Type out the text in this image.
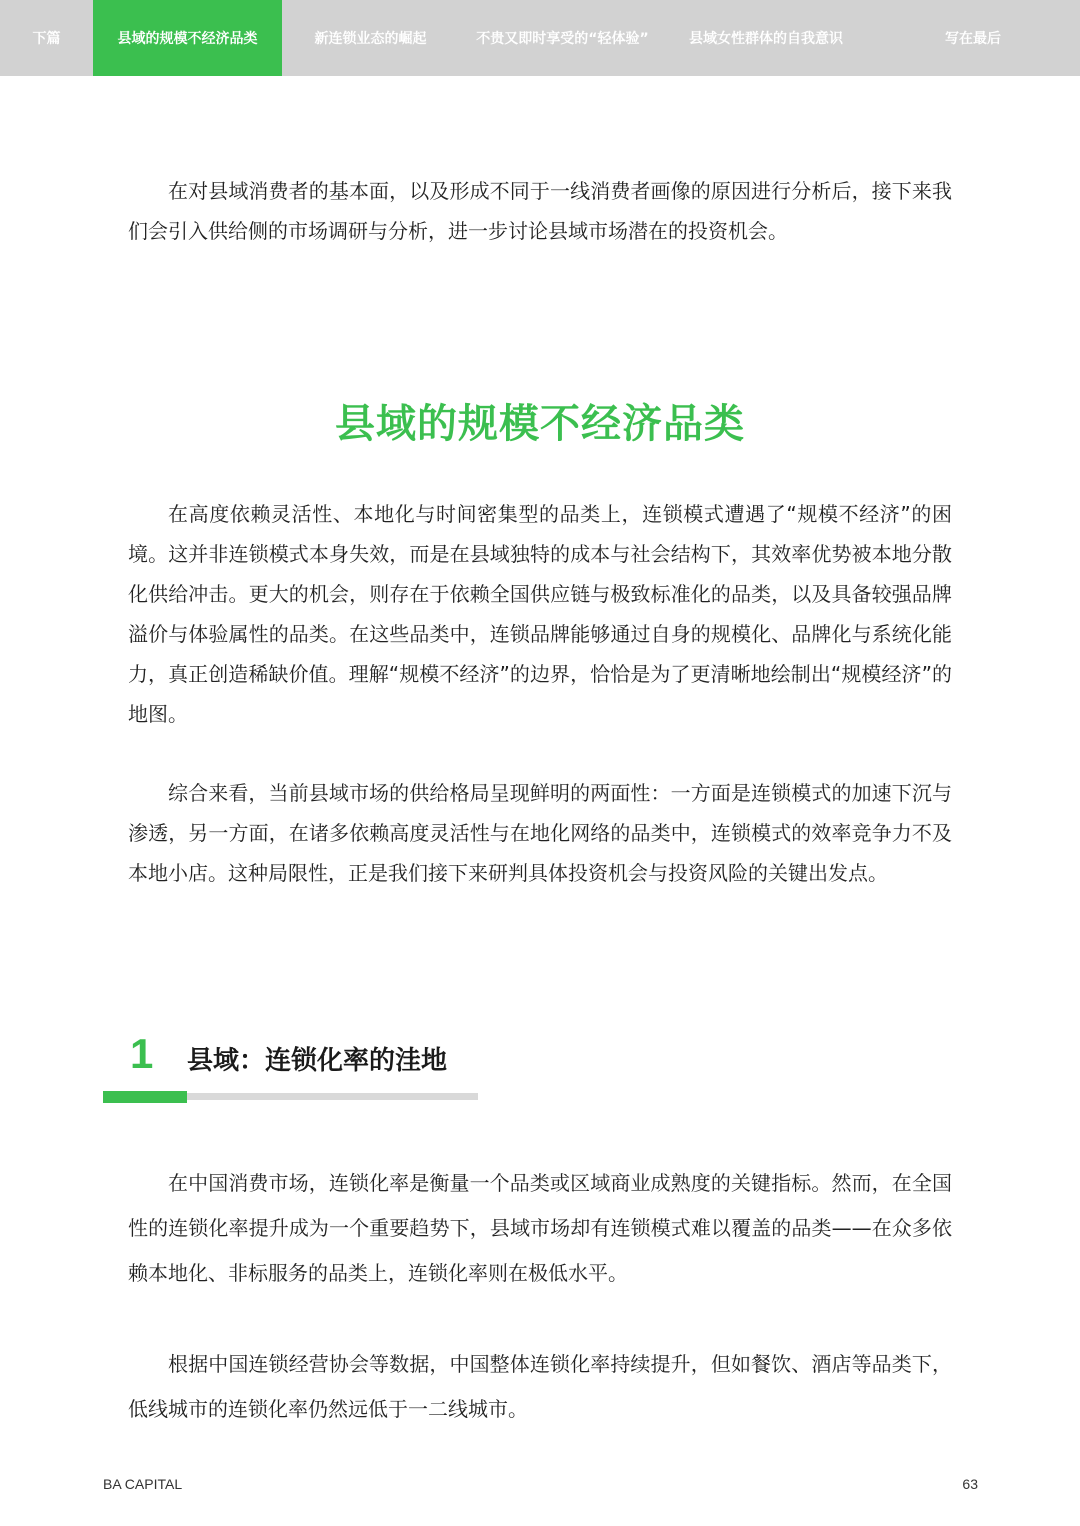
下篇	县域的规模不经济品类	新连锁业态的崛起	不贵又即时享受的“轻体验”	县域女性群体的自我意识	写在最后

在对县域消费者的基本面，以及形成不同于一线消费者画像的原因进行分析后，接下来我们会引入供给侧的市场调研与分析，进一步讨论县域市场潜在的投资机会。

县域的规模不经济品类

在高度依赖灵活性、本地化与时间密集型的品类上，连锁模式遭遇了“规模不经济”的困境。这并非连锁模式本身失效，而是在县域独特的成本与社会结构下，其效率优势被本地分散化供给冲击。更大的机会，则存在于依赖全国供应链与极致标准化的品类，以及具备较强品牌溢价与体验属性的品类。在这些品类中，连锁品牌能够通过自身的规模化、品牌化与系统化能力，真正创造稀缺价值。理解“规模不经济”的边界，恰恰是为了更清晰地绘制出“规模经济”的地图。

综合来看，当前县域市场的供给格局呈现鲜明的两面性：一方面是连锁模式的加速下沉与渗透，另一方面，在诸多依赖高度灵活性与在地化网络的品类中，连锁模式的效率竞争力不及本地小店。这种局限性，正是我们接下来研判具体投资机会与投资风险的关键出发点。

1 县域：连锁化率的洼地

在中国消费市场，连锁化率是衡量一个品类或区域商业成熟度的关键指标。然而，在全国性的连锁化率提升成为一个重要趋势下，县域市场却有连锁模式难以覆盖的品类——在众多依赖本地化、非标服务的品类上，连锁化率则在极低水平。

根据中国连锁经营协会等数据，中国整体连锁化率持续提升，但如餐饮、酒店等品类下，低线城市的连锁化率仍然远低于一二线城市。

BA CAPITAL	63
